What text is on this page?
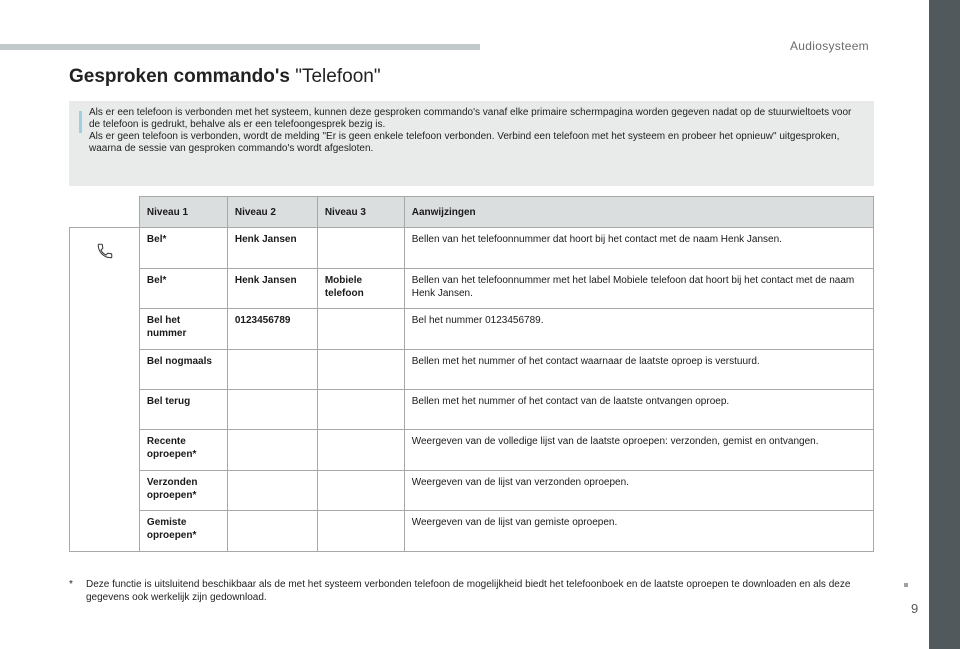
Audiosysteem
9
Gesproken commando's "Telefoon"

Als er een telefoon is verbonden met het systeem, kunnen deze gesproken commando's vanaf elke primaire schermpagina worden gegeven nadat op de stuurwieltoets voor de telefoon is gedrukt, behalve als er een telefoongesprek bezig is.

Als er geen telefoon is verbonden, wordt de melding "Er is geen enkele telefoon verbonden. Verbind een telefoon met het systeem en probeer het opnieuw" uitgesproken, waarna de sessie van gesproken commando's wordt afgesloten.

	Niveau 1	Niveau 2	Niveau 3	Aanwijzingen

	Bel*	Henk Jansen		Bellen van het telefoonnummer dat hoort bij het contact met de naam Henk Jansen.
	Bel*	Henk Jansen	Mobiele telefoon	Bellen van het telefoonnummer met het label Mobiele telefoon dat hoort bij het contact met de naam Henk Jansen.
	Bel het nummer	0123456789		Bel het nummer 0123456789.
	Bel nogmaals			Bellen met het nummer of het contact waarnaar de laatste oproep is verstuurd.
	Bel terug			Bellen met het nummer of het contact van de laatste ontvangen oproep.
	Recente oproepen*			Weergeven van de volledige lijst van de laatste oproepen: verzonden, gemist en ontvangen.
	Verzonden oproepen*			Weergeven van de lijst van verzonden oproepen.
	Gemiste oproepen*			Weergeven van de lijst van gemiste oproepen.
*	Deze functie is uitsluitend beschikbaar als de met het systeem verbonden telefoon de mogelijkheid biedt het telefoonboek en de laatste oproepen te downloaden en als deze gegevens ook werkelijk zijn gedownload.
